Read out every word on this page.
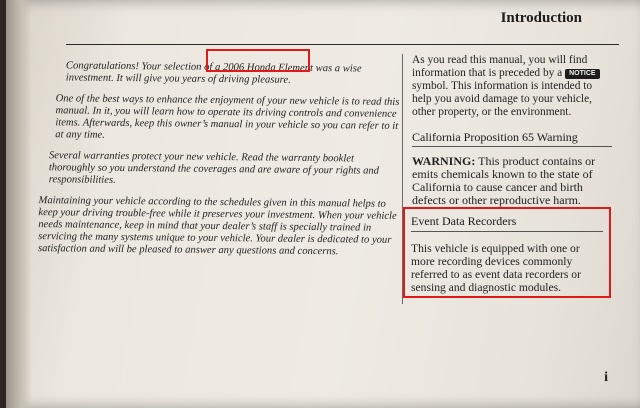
Introduction

Congratulations! Your selection of a 2006 Honda Element was a wise investment. It will give you years of driving pleasure.

One of the best ways to enhance the enjoyment of your new vehicle is to read this manual. In it, you will learn how to operate its driving controls and convenience items. Afterwards, keep this owner’s manual in your vehicle so you can refer to it at any time.

Several warranties protect your new vehicle. Read the warranty booklet thoroughly so you understand the coverages and are aware of your rights and responsibilities.

Maintaining your vehicle according to the schedules given in this manual helps to keep your driving trouble-free while it preserves your investment. When your vehicle needs maintenance, keep in mind that your dealer’s staff is specially trained in servicing the many systems unique to your vehicle. Your dealer is dedicated to your satisfaction and will be pleased to answer any questions and concerns.

As you read this manual, you will find information that is preceded by a NOTICE symbol. This information is intended to help you avoid damage to your vehicle, other property, or the environment.

California Proposition 65 Warning

WARNING: This product contains or emits chemicals known to the state of California to cause cancer and birth defects or other reproductive harm.

Event Data Recorders

This vehicle is equipped with one or more recording devices commonly referred to as event data recorders or sensing and diagnostic modules.

i
